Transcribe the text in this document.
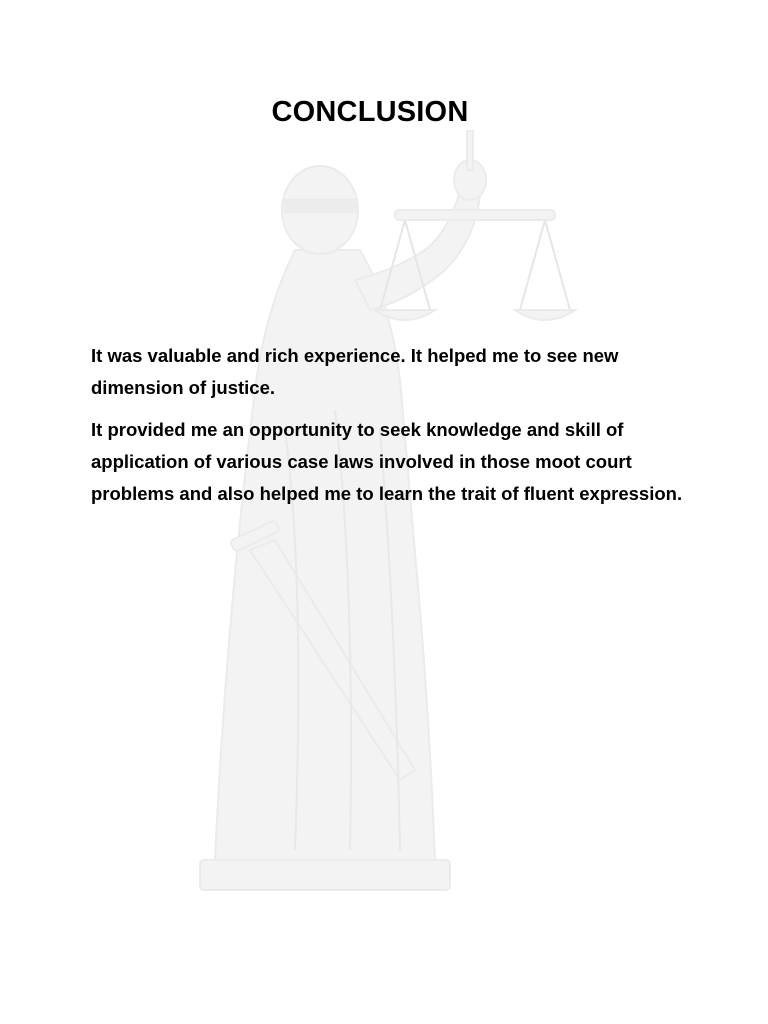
CONCLUSION

It was valuable and rich experience. It helped me to see new dimension of justice.

It provided me an opportunity to seek knowledge and skill of application of various case laws involved in those moot court problems and also helped me to learn the trait of fluent expression.
